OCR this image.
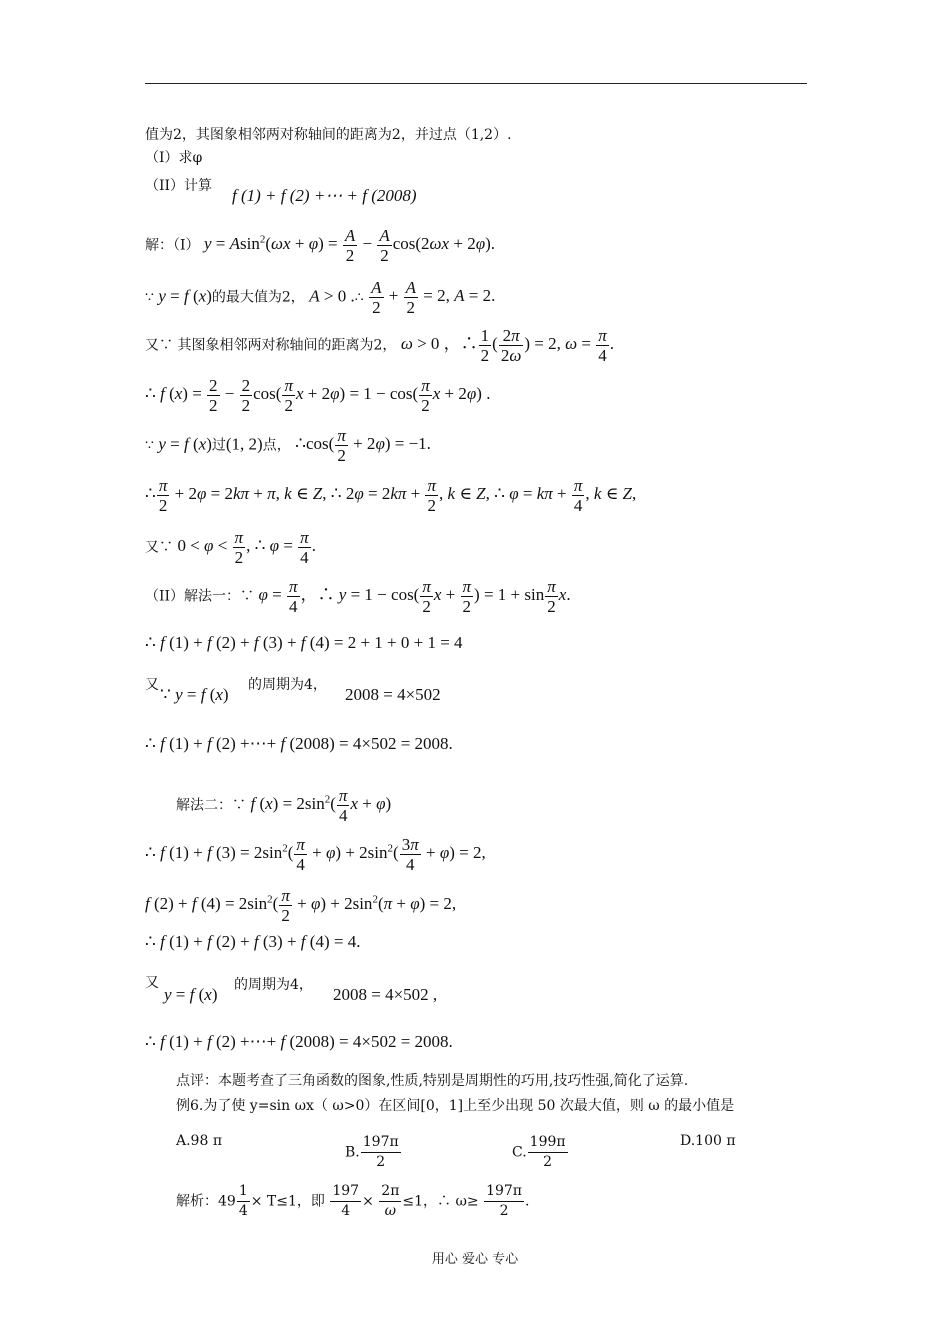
值为2，其图象相邻两对称轴间的距离为2，并过点（1,2）.
（I）求φ
（II）计算 f (1) + f (2) +⋯ + f (2008)
解：（I） $y = Asin^2(\omega x + \varphi) = \frac{A}{2} - \frac{A}{2} \cos(2\omega x + 2\varphi)$.
∵ y = f (x)的最大值为2， A > 0 .∴ $\frac{A}{2} + \frac{A}{2} = 2$, A = 2.
又∵ 其图象相邻两对称轴间的距离为2， ω > 0 ，∴ $\frac{1}{2}$ ( $\frac{2\pi}{2\omega}$ ) = 2, $\omega = \frac{\pi}{4}$ .
∴ f $(x) = \frac{2}{2} - \frac{2}{2} \cos( \frac{\pi}{2}$ $x + 2\varphi) = 1 - \cos( \frac{\pi}{2}$ x + 2φ) .
∵ y = f (x)过(1, 2)点， ∴cos( $\frac{\pi}{2} + 2\varphi) = -1$.
∴ $\frac{\pi}{2} + 2\varphi = 2k\pi + \pi$, k ∈ Z, ∴ $2\varphi = 2k\pi + \frac{\pi}{2}$ , k ∈ Z, ∴ $\varphi = k\pi + \frac{\pi}{4}$ , k ∈ Z,
又∵ $0 < \varphi < \frac{\pi}{2}$ , ∴ $\varphi = \frac{\pi}{4}$ .
（II）解法一：∵ $\varphi = \frac{\pi}{4}$ ，∴ $y = 1 - \cos( \frac{\pi}{2}$ $x + \frac{\pi}{2}$ ) = $1 + \sin \frac{\pi}{2} x$.
∴ f (1) + f (2) + f (3) + f (4) = 2 + 1 + 0 + 1 = 4
又 ∵ y = f (x) 的周期为4， 2008 = 4×502
∴ f (1) + f (2) +⋯+ f (2008) = 4×502 = 2008.
解法二：∵ f $(x) = 2\sin^2( \frac{\pi}{4}$ x + φ)
∴ f (1) + f $(3) = 2\sin^2( \frac{\pi}{4} + \varphi) + 2\sin^2( \frac{3\pi}{4} + \varphi) = 2$,
f (2) + f $(4) = 2\sin^2( \frac{\pi}{2} + \varphi) + 2\sin^2(\pi + \varphi) = 2$,
∴ f (1) + f (2) + f (3) + f (4) = 4.
又
y = f (x) 的周期为4， 2008 = 4×502 ,
∴ f (1) + f (2) +⋯+ f (2008) = 4×502 = 2008.
点评：本题考查了三角函数的图象,性质,特别是周期性的巧用,技巧性强,简化了运算.
例6.为了使 y=sin ωx（ ω>0）在区间[0，1]上至少出现 50 次最大值，则 ω 的最小值是
A.98 π
B. $\frac{197\pi}{2}$	C. $\frac{199\pi}{2}$	D.100 π
解析：$49 \frac{1}{4} \times T\le 1$，即 $\frac{197}{4} \times \frac{2\pi}{\omega} \le 1$，∴ $\omega\ge \frac{197\pi}{2}$ .
用心 爱心 专心
